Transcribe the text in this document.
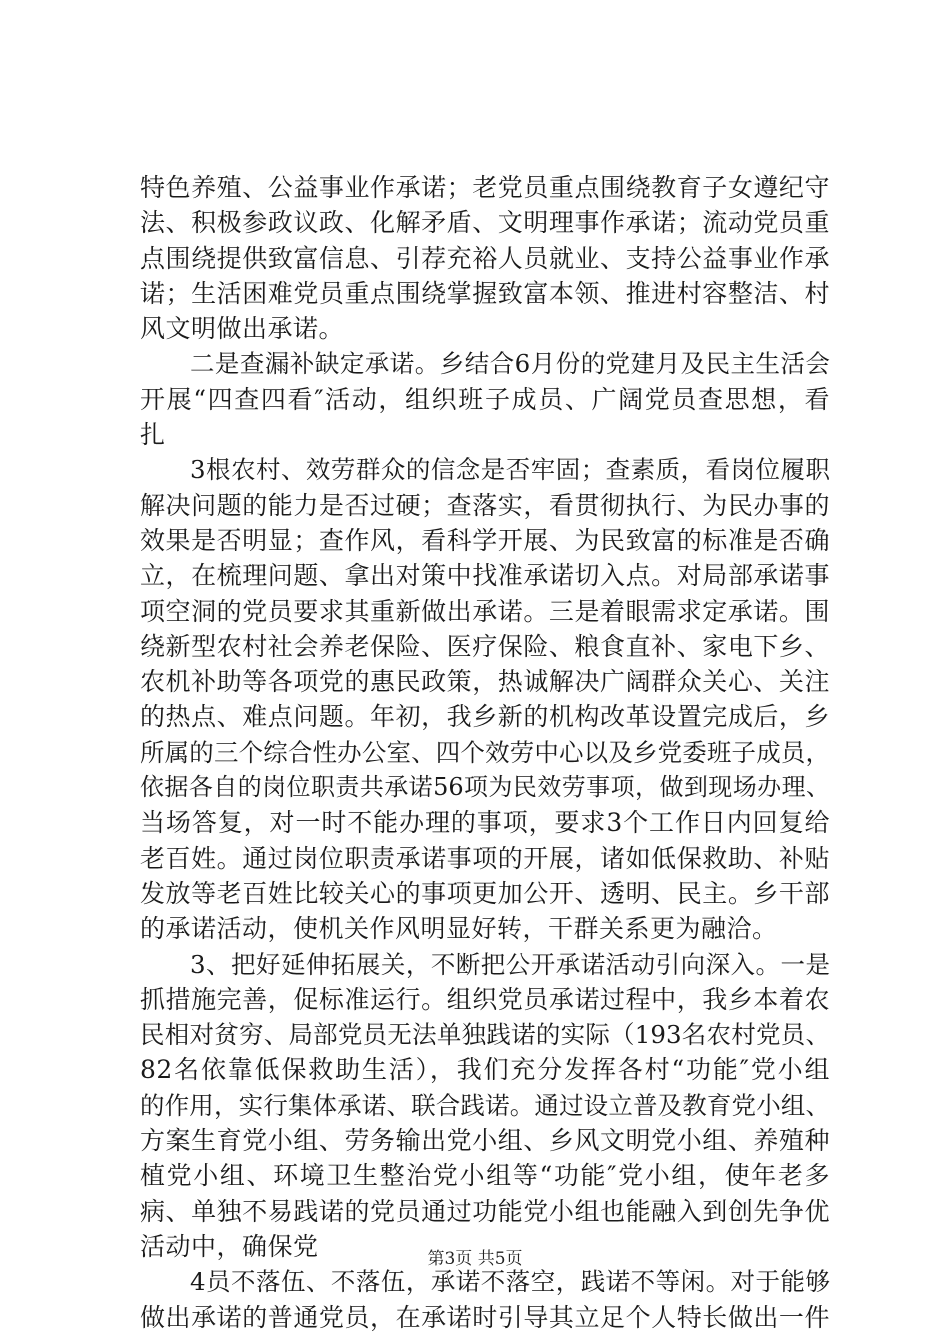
特色养殖、公益事业作承诺；老党员重点围绕教育子女遵纪守
法、积极参政议政、化解矛盾、文明理事作承诺；流动党员重
点围绕提供致富信息、引荐充裕人员就业、支持公益事业作承
诺；生活困难党员重点围绕掌握致富本领、推进村容整洁、村
风文明做出承诺。
　　二是查漏补缺定承诺。乡结合6月份的党建月及民主生活会
开展“四查四看″活动，组织班子成员、广阔党员查思想，看
扎
　　3根农村、效劳群众的信念是否牢固；查素质，看岗位履职
解决问题的能力是否过硬；查落实，看贯彻执行、为民办事的
效果是否明显；查作风，看科学开展、为民致富的标准是否确
立，在梳理问题、拿出对策中找准承诺切入点。对局部承诺事
项空洞的党员要求其重新做出承诺。三是着眼需求定承诺。围
绕新型农村社会养老保险、医疗保险、粮食直补、家电下乡、
农机补助等各项党的惠民政策，热诚解决广阔群众关心、关注
的热点、难点问题。年初，我乡新的机构改革设置完成后，乡
所属的三个综合性办公室、四个效劳中心以及乡党委班子成员，
依据各自的岗位职责共承诺56项为民效劳事项，做到现场办理、
当场答复，对一时不能办理的事项，要求3个工作日内回复给
老百姓。通过岗位职责承诺事项的开展，诸如低保救助、补贴
发放等老百姓比较关心的事项更加公开、透明、民主。乡干部
的承诺活动，使机关作风明显好转，干群关系更为融洽。
　　3、把好延伸拓展关，不断把公开承诺活动引向深入。一是
抓措施完善，促标准运行。组织党员承诺过程中，我乡本着农
民相对贫穷、局部党员无法单独践诺的实际（193名农村党员、
82名依靠低保救助生活），我们充分发挥各村“功能″党小组
的作用，实行集体承诺、联合践诺。通过设立普及教育党小组、
方案生育党小组、劳务输出党小组、乡风文明党小组、养殖种
植党小组、环境卫生整治党小组等“功能″党小组，使年老多
病、单独不易践诺的党员通过功能党小组也能融入到创先争优
活动中，确保党
　　4员不落伍、不落伍，承诺不落空，践诺不等闲。对于能够
做出承诺的普通党员，在承诺时引导其立足个人特长做出一件
第3页 共5页
